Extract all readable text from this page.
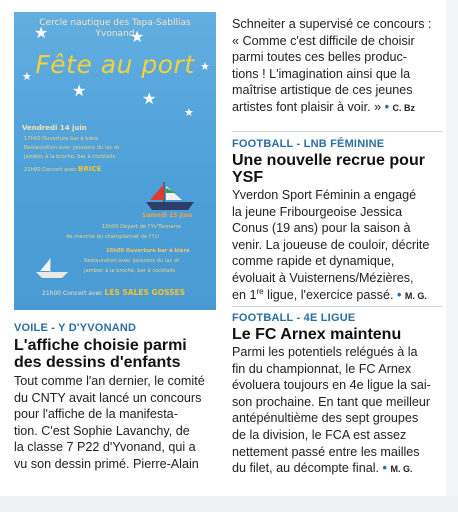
★	★
★
★
★
★
★
Cercle nautique des Tapa-Sabllias
Yvonand
Fête au port
Vendredi 14 juin
17h00 Ouverture bar à bière
Restauration avec poissons du lac et
jambon à la broche, bar à cocktails
21h00 Concert avec BRICE
Samedi 15 juin
10h00 Départ de l'Yv'Tonnerre
4e manche du championnat de l'Ycl
16h00 Ouverture bar à bière
Restauration avec poissons du lac et
jambon à la broche, bar à cocktails
21h00 Concert avec LES SALES GOSSES
VOILE - Y D'YVONAND
L'affiche choisie parmi
des dessins d'enfants
Tout comme l'an dernier, le comité
du CNTY avait lancé un concours
pour l'affiche de la manifesta-
tion. C'est Sophie Lavanchy, de
la classe 7 P22 d'Yvonand, qui a
vu son dessin primé. Pierre-Alain
Schneiter a supervisé ce concours :
« Comme c'est difficile de choisir
parmi toutes ces belles produc-
tions ! L'imagination ainsi que la
maîtrise artistique de ces jeunes
artistes font plaisir à voir. » • C. Bz
FOOTBALL - LNB FÉMININE
Une nouvelle recrue pour YSF
Yverdon Sport Féminin a engagé
la jeune Fribourgeoise Jessica
Conus (19 ans) pour la saison à
venir. La joueuse de couloir, décrite
comme rapide et dynamique,
évoluait à Vuisternens/Mézières,
en 1re ligue, l'exercice passé. • M. G.
FOOTBALL - 4E LIGUE
Le FC Arnex maintenu
Parmi les potentiels relégués à la
fin du championnat, le FC Arnex
évoluera toujours en 4e ligue la sai-
son prochaine. En tant que meilleur
antépénultième des sept groupes
de la division, le FCA est assez
nettement passé entre les mailles
du filet, au décompte final. • M. G.
